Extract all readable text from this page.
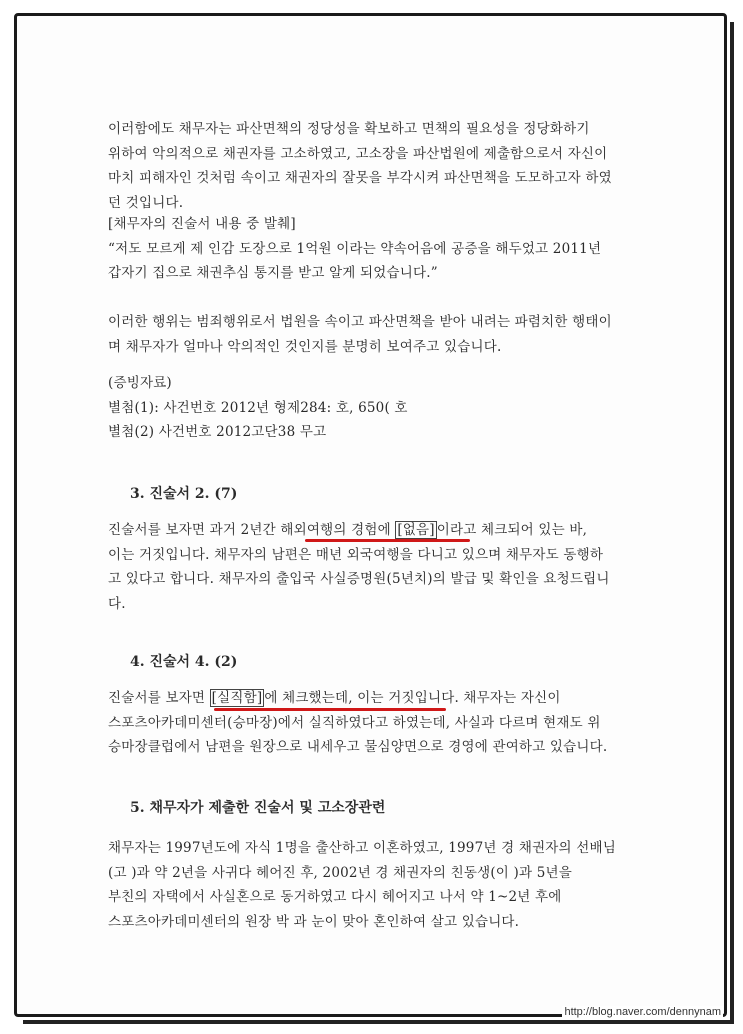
이러함에도 채무자는 파산면책의 정당성을 확보하고 면책의 필요성을 정당화하기
위하여 악의적으로 채권자를 고소하였고, 고소장을 파산법원에 제출함으로서 자신이
마치 피해자인 것처럼 속이고 채권자의 잘못을 부각시켜 파산면책을 도모하고자 하였
던 것입니다.
[채무자의 진술서 내용 중 발췌]
“저도 모르게 제 인감 도장으로 1억원 이라는 약속어음에 공증을 해두었고 2011년
갑자기 집으로 채권추심 통지를 받고 알게 되었습니다.”
이러한 행위는 범죄행위로서 법원을 속이고 파산면책을 받아 내려는 파렴치한 행태이
며 채무자가 얼마나 악의적인 것인지를 분명히 보여주고 있습니다.
(증빙자료)
별첨(1): 사건번호 2012년 형제284: 호, 650( 호
별첨(2) 사건번호 2012고단38 무고
3. 진술서 2. (7)
진술서를 보자면 과거 2년간 해외여행의 경험에 [없음] 이라고 체크되어 있는 바,
이는 거짓입니다. 채무자의 남편은 매년 외국여행을 다니고 있으며 채무자도 동행하
고 있다고 합니다. 채무자의 출입국 사실증명원(5년치)의 발급 및 확인을 요청드립니
다.
4. 진술서 4. (2)
진술서를 보자면 [실직함] 에 체크했는데, 이는 거짓입니다. 채무자는 자신이
스포츠아카데미센터(승마장)에서 실직하였다고 하였는데, 사실과 다르며 현재도 위
승마장클럽에서 남편을 원장으로 내세우고 물심양면으로 경영에 관여하고 있습니다.
5. 채무자가 제출한 진술서 및 고소장관련
채무자는 1997년도에 자식 1명을 출산하고 이혼하였고, 1997년 경 채권자의 선배님
(고 )과 약 2년을 사귀다 헤어진 후, 2002년 경 채권자의 친동생(이 )과 5년을
부친의 자택에서 사실혼으로 동거하였고 다시 헤어지고 나서 약 1~2년 후에
스포츠아카데미센터의 원장 박 과 눈이 맞아 혼인하여 살고 있습니다.
http://blog.naver.com/dennynam
